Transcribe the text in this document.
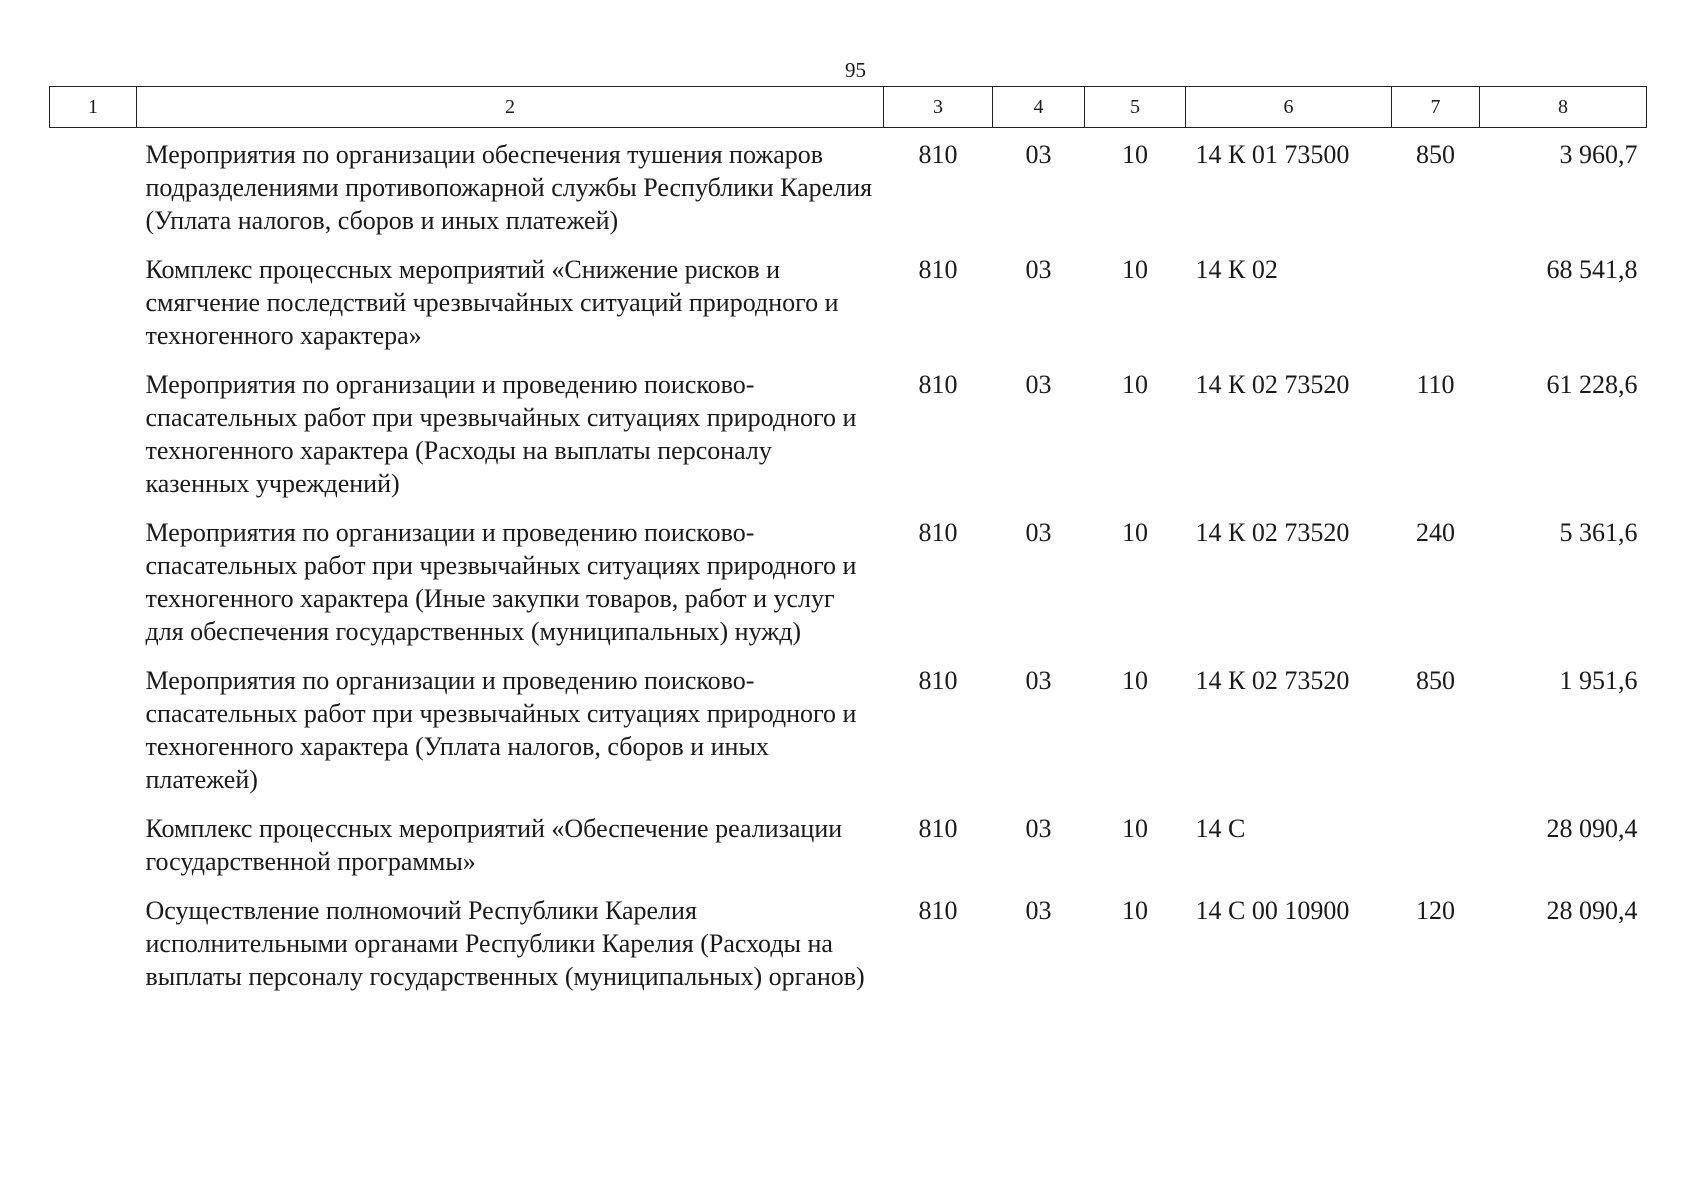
95
1	2	3	4	5	6	7	8
	Мероприятия по организации обеспечения тушения пожаров подразделениями противопожарной службы Республики Карелия (Уплата налогов, сборов и иных платежей)	810	03	10	14 К 01 73500	850	3 960,7
	Комплекс процессных мероприятий «Снижение рисков и смягчение последствий чрезвычайных ситуаций природного и техногенного характера»	810	03	10	14 К 02		68 541,8
	Мероприятия по организации и проведению поисково-спасательных работ при чрезвычайных ситуациях природного и техногенного характера (Расходы на выплаты персоналу казенных учреждений)	810	03	10	14 К 02 73520	110	61 228,6
	Мероприятия по организации и проведению поисково-спасательных работ при чрезвычайных ситуациях природного и техногенного характера (Иные закупки товаров, работ и услуг для обеспечения государственных (муниципальных) нужд)	810	03	10	14 К 02 73520	240	5 361,6
	Мероприятия по организации и проведению поисково-спасательных работ при чрезвычайных ситуациях природного и техногенного характера (Уплата налогов, сборов и иных платежей)	810	03	10	14 К 02 73520	850	1 951,6
	Комплекс процессных мероприятий «Обеспечение реализации государственной программы»	810	03	10	14 С		28 090,4
	Осуществление полномочий Республики Карелия исполнительными органами Республики Карелия (Расходы на выплаты персоналу государственных (муниципальных) органов)	810	03	10	14 С 00 10900	120	28 090,4
